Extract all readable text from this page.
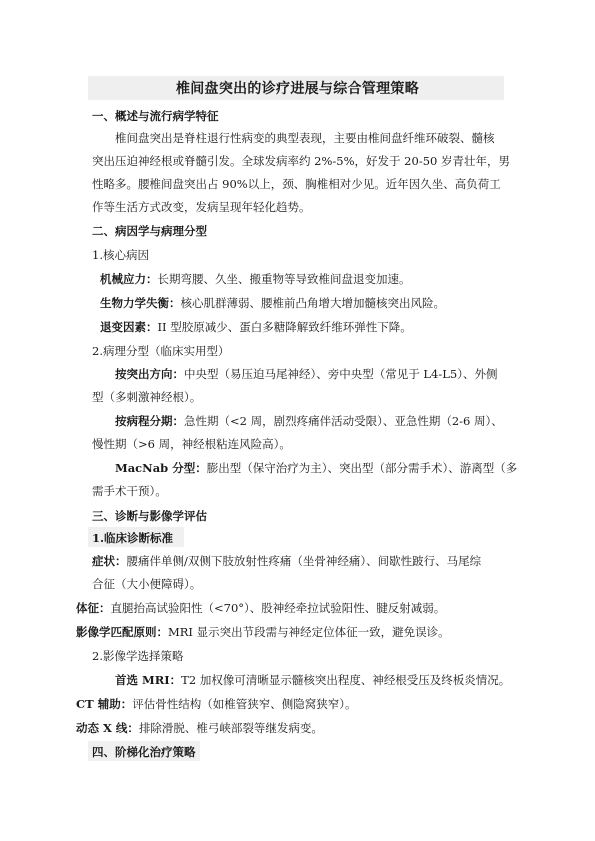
椎间盘突出的诊疗进展与综合管理策略
一、概述与流行病学特征
椎间盘突出是脊柱退行性病变的典型表现，主要由椎间盘纤维环破裂、髓核
突出压迫神经根或脊髓引发。全球发病率约 2%-5%，好发于 20-50 岁青壮年，男
性略多。腰椎间盘突出占 90%以上，颈、胸椎相对少见。近年因久坐、高负荷工
作等生活方式改变，发病呈现年轻化趋势。
二、病因学与病理分型
1.核心病因
机械应力：长期弯腰、久坐、搬重物等导致椎间盘退变加速。
生物力学失衡：核心肌群薄弱、腰椎前凸角增大增加髓核突出风险。
退变因素：II 型胶原减少、蛋白多糖降解致纤维环弹性下降。
2.病理分型（临床实用型）
按突出方向：中央型（易压迫马尾神经）、旁中央型（常见于 L4-L5）、外侧
型（多刺激神经根）。
按病程分期：急性期（<2 周，剧烈疼痛伴活动受限）、亚急性期（2-6 周）、
慢性期（>6 周，神经根粘连风险高）。
MacNab 分型：膨出型（保守治疗为主）、突出型（部分需手术）、游离型（多
需手术干预）。
三、诊断与影像学评估
1.临床诊断标准
症状：腰痛伴单侧/双侧下肢放射性疼痛（坐骨神经痛）、间歇性跛行、马尾综
合征（大小便障碍）。
体征：直腿抬高试验阳性（<70°）、股神经牵拉试验阳性、腱反射减弱。
影像学匹配原则：MRI 显示突出节段需与神经定位体征一致，避免误诊。
2.影像学选择策略
首选 MRI：T2 加权像可清晰显示髓核突出程度、神经根受压及终板炎情况。
CT 辅助：评估骨性结构（如椎管狭窄、侧隐窝狭窄）。
动态 X 线：排除滑脱、椎弓峡部裂等继发病变。
四、阶梯化治疗策略
